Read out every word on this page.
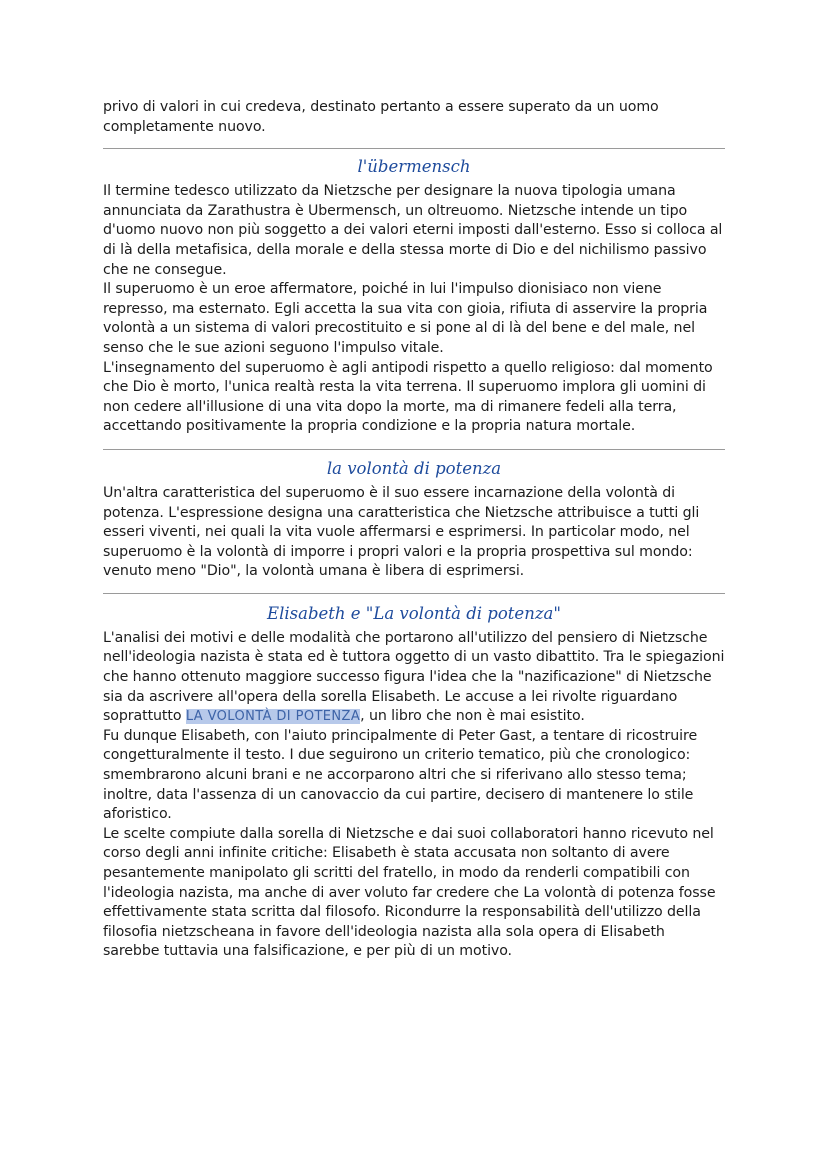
privo di valori in cui credeva, destinato pertanto a essere superato da un uomo completamente nuovo.

l'übermensch

Il termine tedesco utilizzato da Nietzsche per designare la nuova tipologia umana annunciata da Zarathustra è Ubermensch, un oltreuomo. Nietzsche intende un tipo d'uomo nuovo non più soggetto a dei valori eterni imposti dall'esterno. Esso si colloca al di là della metafisica, della morale e della stessa morte di Dio e del nichilismo passivo che ne consegue.

Il superuomo è un eroe affermatore, poiché in lui l'impulso dionisiaco non viene represso, ma esternato. Egli accetta la sua vita con gioia, rifiuta di asservire la propria volontà a un sistema di valori precostituito e si pone al di là del bene e del male, nel senso che le sue azioni seguono l'impulso vitale.

L'insegnamento del superuomo è agli antipodi rispetto a quello religioso: dal momento che Dio è morto, l'unica realtà resta la vita terrena. Il superuomo implora gli uomini di non cedere all'illusione di una vita dopo la morte, ma di rimanere fedeli alla terra, accettando positivamente la propria condizione e la propria natura mortale.

la volontà di potenza

Un'altra caratteristica del superuomo è il suo essere incarnazione della volontà di potenza. L'espressione designa una caratteristica che Nietzsche attribuisce a tutti gli esseri viventi, nei quali la vita vuole affermarsi e esprimersi. In particolar modo, nel superuomo è la volontà di imporre i propri valori e la propria prospettiva sul mondo: venuto meno "Dio", la volontà umana è libera di esprimersi.

Elisabeth e "La volontà di potenza"

L'analisi dei motivi e delle modalità che portarono all'utilizzo del pensiero di Nietzsche nell'ideologia nazista è stata ed è tuttora oggetto di un vasto dibattito. Tra le spiegazioni che hanno ottenuto maggiore successo figura l'idea che la "nazificazione" di Nietzsche sia da ascrivere all'opera della sorella Elisabeth. Le accuse a lei rivolte riguardano soprattutto LA VOLONTÀ DI POTENZA, un libro che non è mai esistito.

Fu dunque Elisabeth, con l'aiuto principalmente di Peter Gast, a tentare di ricostruire congetturalmente il testo. I due seguirono un criterio tematico, più che cronologico: smembrarono alcuni brani e ne accorparono altri che si riferivano allo stesso tema; inoltre, data l'assenza di un canovaccio da cui partire, decisero di mantenere lo stile aforistico.

Le scelte compiute dalla sorella di Nietzsche e dai suoi collaboratori hanno ricevuto nel corso degli anni infinite critiche: Elisabeth è stata accusata non soltanto di avere pesantemente manipolato gli scritti del fratello, in modo da renderli compatibili con l'ideologia nazista, ma anche di aver voluto far credere che La volontà di potenza fosse effettivamente stata scritta dal filosofo. Ricondurre la responsabilità dell'utilizzo della filosofia nietzscheana in favore dell'ideologia nazista alla sola opera di Elisabeth sarebbe tuttavia una falsificazione, e per più di un motivo.
